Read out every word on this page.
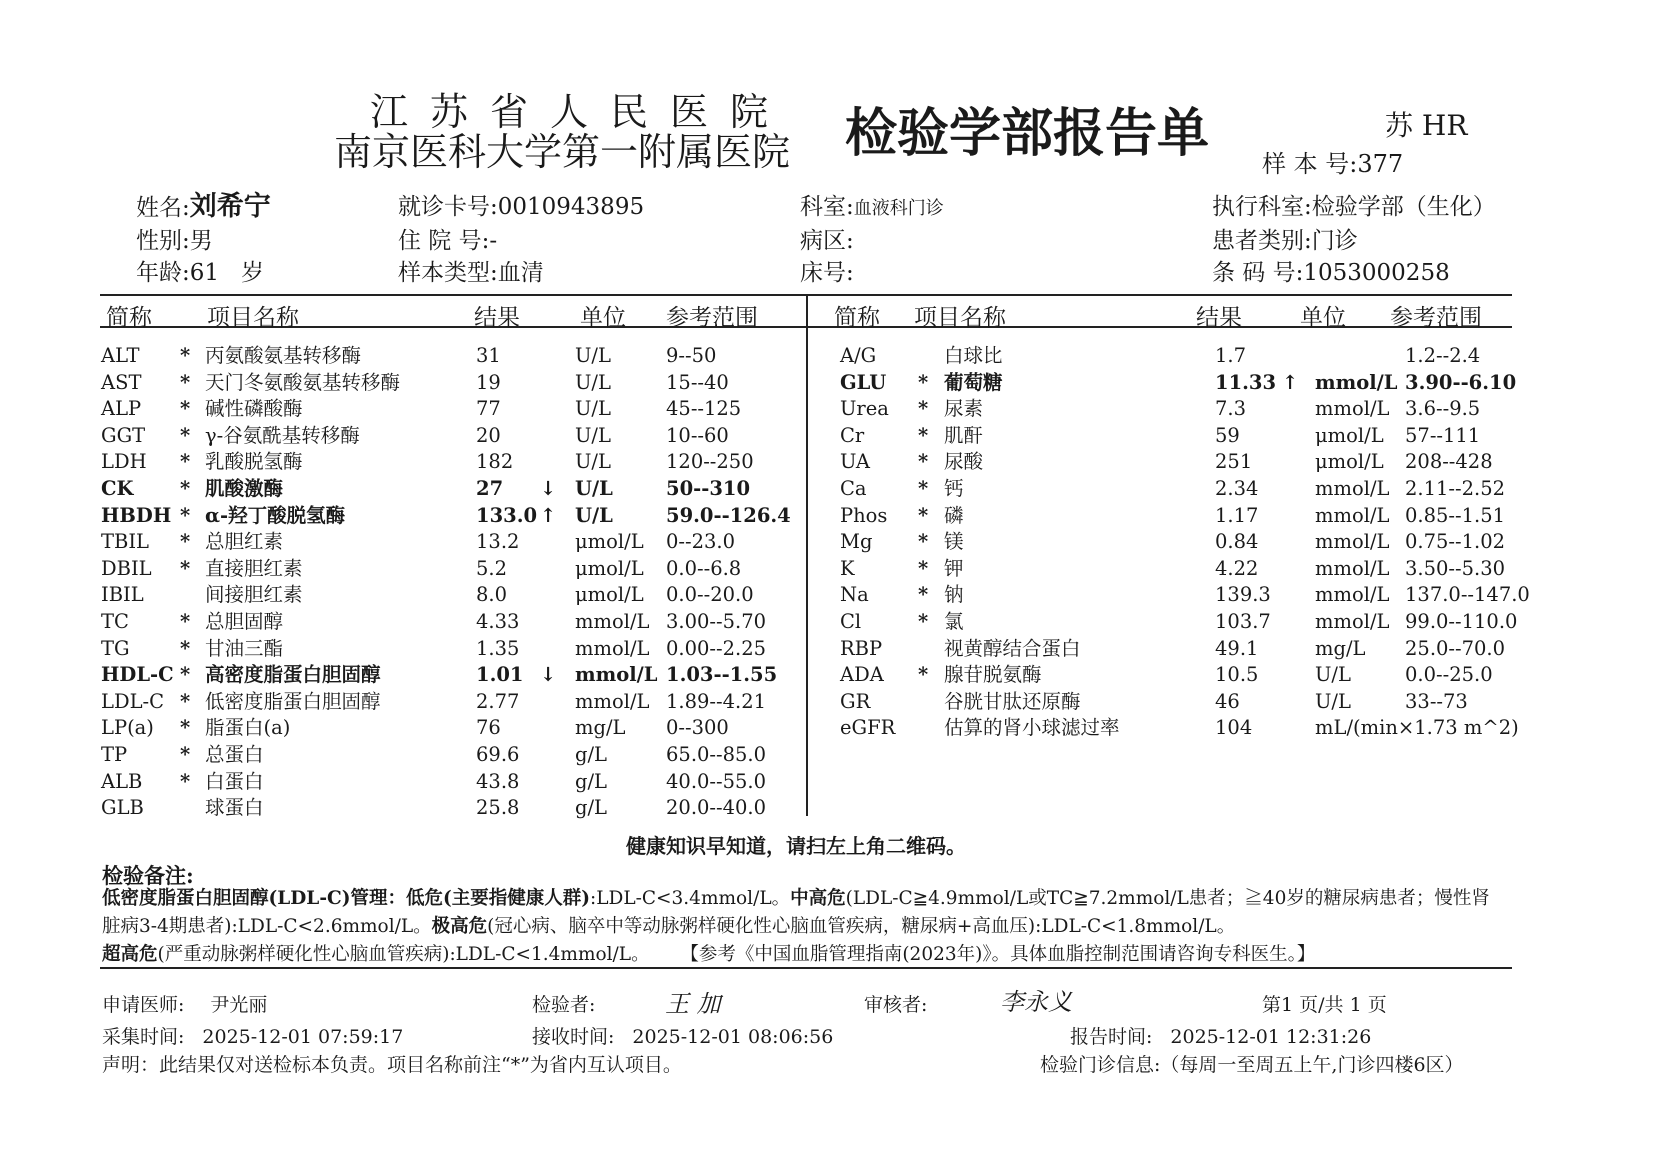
江苏省人民医院
南京医科大学第一附属医院 检验学部报告单	苏 HR
样 本 号:377
姓名:刘希宁
性别:男
年龄:61 岁
就诊卡号:0010943895
住 院 号:-
样本类型:血清
科室:血液科门诊
病区:
床号:
执行科室:检验学部（生化）
患者类别:门诊
条 码 号:1053000258
简称 项目名称	结果	单位 参考范围	简称 项目名称	结果	单位 参考范围
ALT * 丙氨酸氨基转移酶	31	U/L	9--50
AST * 天门冬氨酸氨基转移酶	19	U/L	15--40
ALP * 碱性磷酸酶	77	U/L	45--125
GGT * γ-谷氨酰基转移酶	20	U/L	10--60
LDH * 乳酸脱氢酶	182	U/L	120--250
CK * 肌酸激酶	27 ↓ U/L	50--310
HBDH * α-羟丁酸脱氢酶	133.0 ↑ U/L	59.0--126.4
TBIL * 总胆红素	13.2	μmol/L 0--23.0
DBIL * 直接胆红素	5.2	μmol/L 0.0--6.8
IBIL	间接胆红素	8.0	μmol/L 0.0--20.0
TC	* 总胆固醇	4.33	mmol/L 3.00--5.70
TG	* 甘油三酯	1.35	mmol/L 0.00--2.25
HDL-C * 高密度脂蛋白胆固醇	1.01 ↓ mmol/L 1.03--1.55
LDL-C * 低密度脂蛋白胆固醇	2.77	mmol/L 1.89--4.21
LP(a) * 脂蛋白(a)	76	mg/L 0--300
TP	* 总蛋白	69.6	g/L	65.0--85.0
ALB * 白蛋白	43.8	g/L	40.0--55.0
GLB	球蛋白	25.8	g/L	20.0--40.0
A/G	白球比	1.7	1.2--2.4
GLU * 葡萄糖	11.33 ↑ mmol/L 3.90--6.10
Urea * 尿素	7.3	mmol/L 3.6--9.5
Cr	* 肌酐	59	μmol/L 57--111
UA * 尿酸	251	μmol/L 208--428
Ca	* 钙	2.34	mmol/L 2.11--2.52
Phos * 磷	1.17	mmol/L 0.85--1.51
Mg * 镁	0.84	mmol/L 0.75--1.02
K	* 钾	4.22	mmol/L 3.50--5.30
Na	* 钠	139.3 mmol/L 137.0--147.0
Cl	* 氯	103.7 mmol/L 99.0--110.0
RBP	视黄醇结合蛋白	49.1	mg/L 25.0--70.0
ADA * 腺苷脱氨酶	10.5	U/L	0.0--25.0
GR	谷胱甘肽还原酶	46	U/L	33--73
eGFR 估算的肾小球滤过率	104	mL/(min×1.73 m^2)
健康知识早知道，请扫左上角二维码。
检验备注:
低密度脂蛋白胆固醇(LDL-C)管理：低危(主要指健康人群):LDL-C<3.4mmol/L。中高危(LDL-C≧4.9mmol/L或TC≧7.2mmol/L患者；≧40岁的糖尿病患者；慢性肾脏病3-4期患者):LDL-C<2.6mmol/L。极高危(冠心病、脑卒中等动脉粥样硬化性心脑血管疾病，糖尿病+高血压):LDL-C<1.8mmol/L。
超高危(严重动脉粥样硬化性心脑血管疾病):LDL-C<1.4mmol/L。 【参考《中国血脂管理指南(2023年)》。具体血脂控制范围请咨询专科医生。】
申请医师: 尹光丽	检验者:	王 加	审核者:	李永义	第1 页/共 1 页
采集时间: 2025-12-01 07:59:17	接收时间: 2025-12-01 08:06:56	报告时间: 2025-12-01 12:31:26
声明：此结果仅对送检标本负责。项目名称前注“*”为省内互认项目。	检验门诊信息:（每周一至周五上午,门诊四楼6区）
